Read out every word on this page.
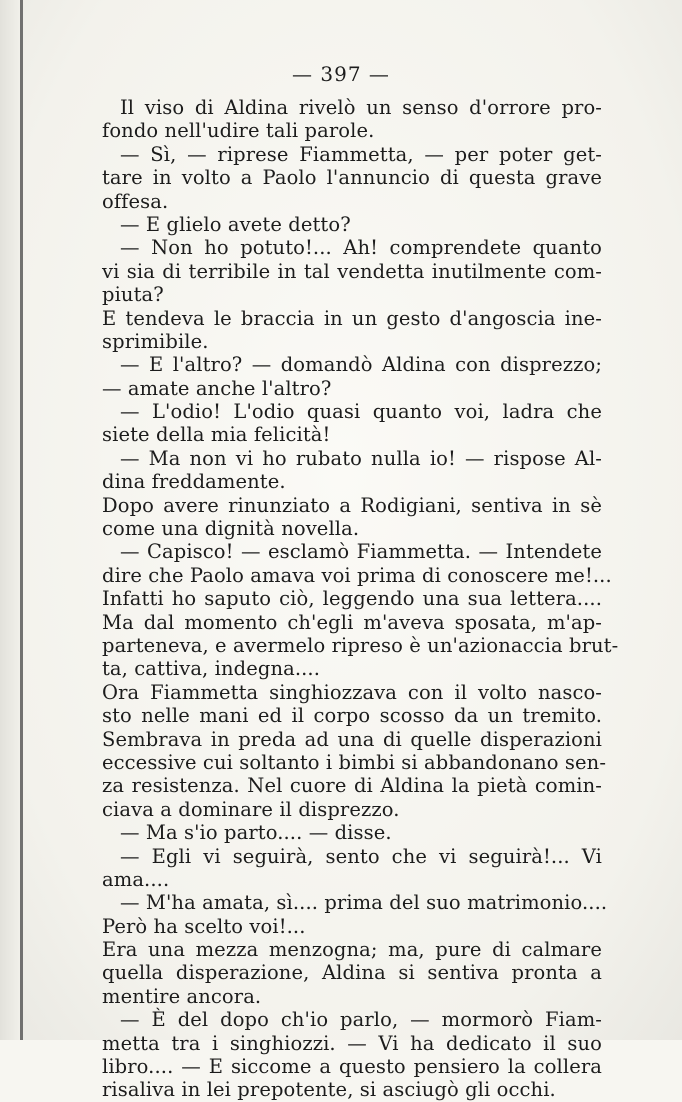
— 397 —
Il viso di Aldina rivelò un senso d'orrore pro-
fondo nell'udire tali parole.
— Sì, — riprese Fiammetta, — per poter get-
tare in volto a Paolo l'annuncio di questa grave
offesa.
— E glielo avete detto?
— Non ho potuto!... Ah! comprendete quanto
vi sia di terribile in tal vendetta inutilmente com-
piuta?
E tendeva le braccia in un gesto d'angoscia ine-
sprimibile.
— E l'altro? — domandò Aldina con disprezzo;
— amate anche l'altro?
— L'odio! L'odio quasi quanto voi, ladra che
siete della mia felicità!
— Ma non vi ho rubato nulla io! — rispose Al-
dina freddamente.
Dopo avere rinunziato a Rodigiani, sentiva in sè
come una dignità novella.
— Capisco! — esclamò Fiammetta. — Intendete
dire che Paolo amava voi prima di conoscere me!...
Infatti ho saputo ciò, leggendo una sua lettera....
Ma dal momento ch'egli m'aveva sposata, m'ap-
parteneva, e avermelo ripreso è un'azionaccia brut-
ta, cattiva, indegna....
Ora Fiammetta singhiozzava con il volto nasco-
sto nelle mani ed il corpo scosso da un tremito.
Sembrava in preda ad una di quelle disperazioni
eccessive cui soltanto i bimbi si abbandonano sen-
za resistenza. Nel cuore di Aldina la pietà comin-
ciava a dominare il disprezzo.
— Ma s'io parto.... — disse.
— Egli vi seguirà, sento che vi seguirà!... Vi
ama....
— M'ha amata, sì.... prima del suo matrimonio....
Però ha scelto voi!...
Era una mezza menzogna; ma, pure di calmare
quella disperazione, Aldina si sentiva pronta a
mentire ancora.
— È del dopo ch'io parlo, — mormorò Fiam-
metta tra i singhiozzi. — Vi ha dedicato il suo
libro.... — E siccome a questo pensiero la collera
risaliva in lei prepotente, si asciugò gli occhi.
